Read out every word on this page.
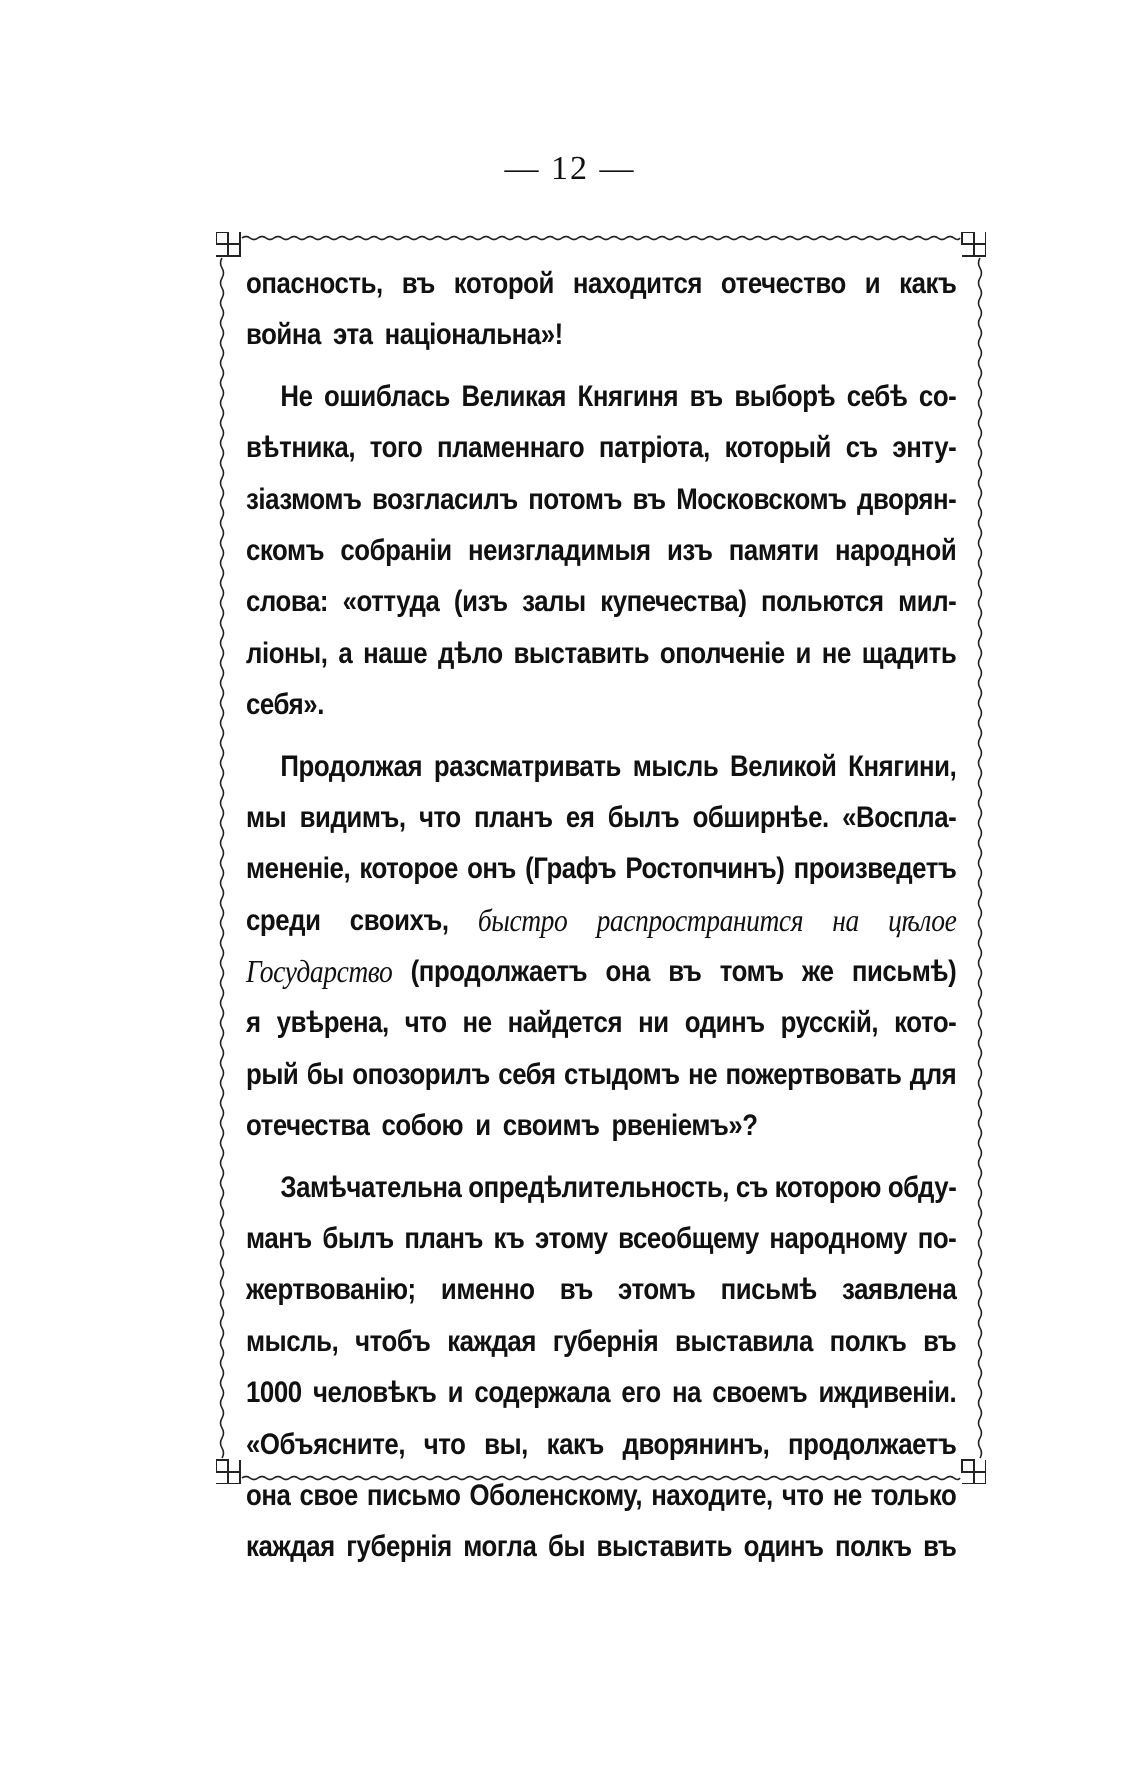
— 12 —
опасность, въ которой находится отечество и какъ
война эта національна»!
Не ошиблась Великая Княгиня въ выборѣ себѣ со-
вѣтника, того пламеннаго патріота, который съ энту-
зіазмомъ возгласилъ потомъ въ Московскомъ дворян-
скомъ собраніи неизгладимыя изъ памяти народной
слова: «оттуда (изъ залы купечества) польются мил-
ліоны, а наше дѣло выставить ополченіе и не щадить
себя».
Продолжая разсматривать мысль Великой Княгини,
мы видимъ, что планъ ея былъ обширнѣе. «Воспла-
мененіе, которое онъ (Графъ Ростопчинъ) произведетъ
среди своихъ, быстро распространится на цѣлое
Государство (продолжаетъ она въ томъ же письмѣ)
я увѣрена, что не найдется ни одинъ русскій, кото-
рый бы опозорилъ себя стыдомъ не пожертвовать для
отечества собою и своимъ рвеніемъ»?
Замѣчательна опредѣлительность, съ которою обду-
манъ былъ планъ къ этому всеобщему народному по-
жертвованію; именно въ этомъ письмѣ заявлена
мысль, чтобъ каждая губернія выставила полкъ въ
1000 человѣкъ и содержала его на своемъ иждивеніи.
«Объясните, что вы, какъ дворянинъ, продолжаетъ
она свое письмо Оболенскому, находите, что не только
каждая губернія могла бы выставить одинъ полкъ въ
